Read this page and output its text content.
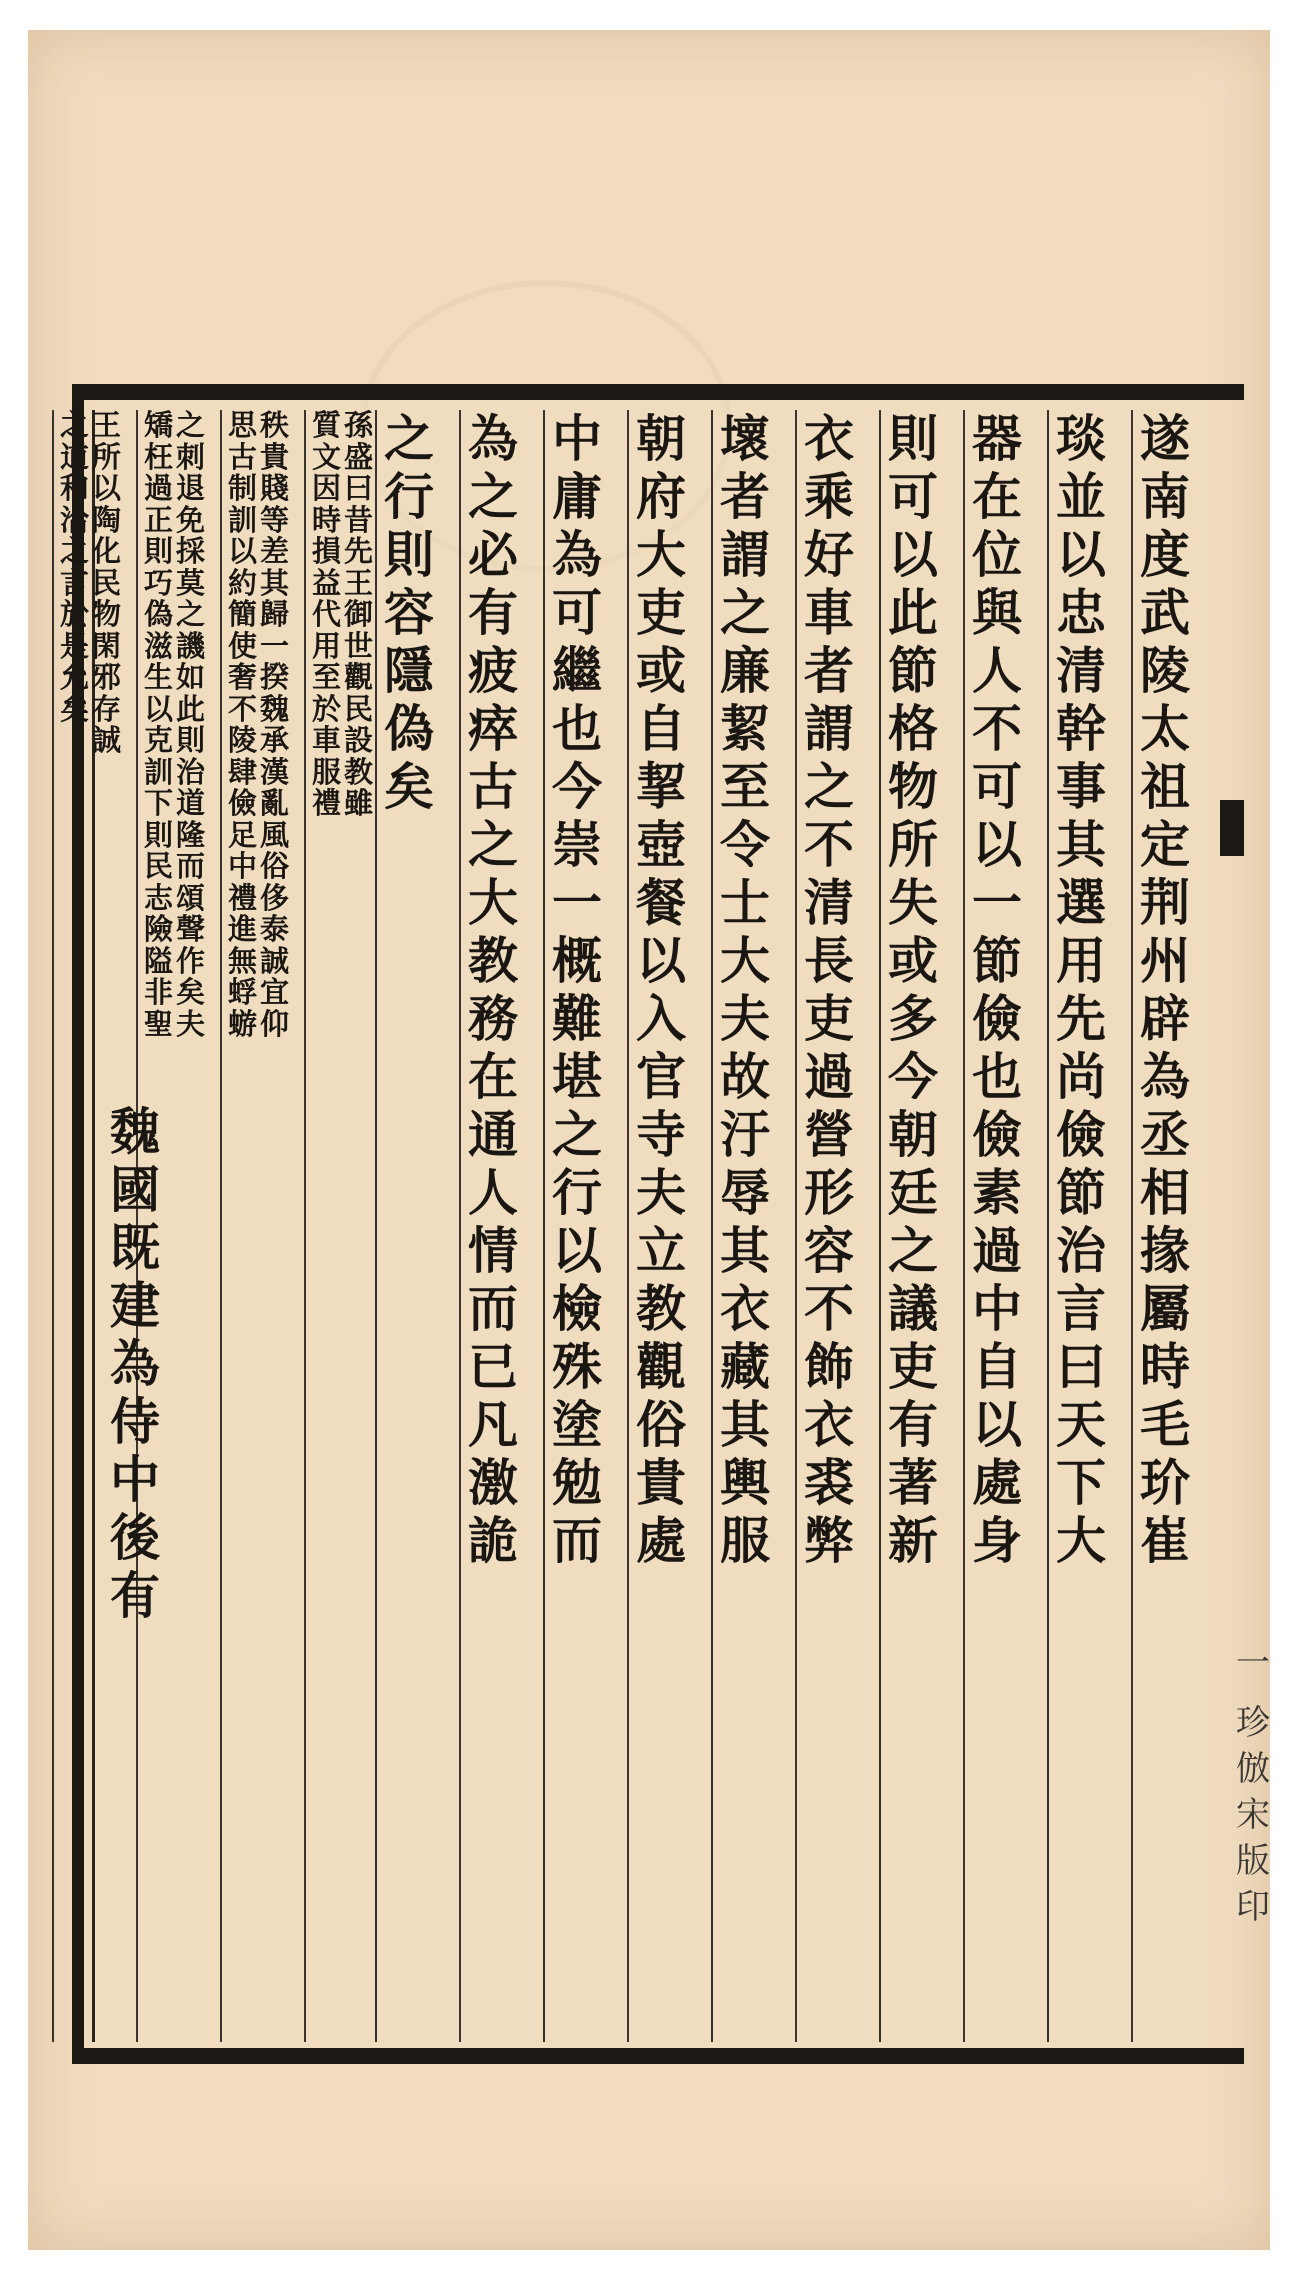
遂
南
度
武
陵
太
祖
定
荆
州
辟
為
丞
相
掾
屬
時
毛
玠
崔
琰
並
以
忠
清
幹
事
其
選
用
先
尚
儉
節
治
言
曰
天
下
大
器
在
位
與
人
不
可
以
一
節
儉
也
儉
素
過
中
自
以
處
身
則
可
以
此
節
格
物
所
失
或
多
今
朝
廷
之
議
吏
有
著
新
衣
乘
好
車
者
謂
之
不
清
長
吏
過
營
形
容
不
飾
衣
裘
弊
壞
者
謂
之
廉
絜
至
令
士
大
夫
故
汙
辱
其
衣
藏
其
輿
服
朝
府
大
吏
或
自
挈
壺
餐
以
入
官
寺
夫
立
教
觀
俗
貴
處
中
庸
為
可
繼
也
今
崇
一
概
難
堪
之
行
以
檢
殊
塗
勉
而
為
之
必
有
疲
瘁
古
之
大
教
務
在
通
人
情
而
已
凡
激
詭
之
行
則
容
隱
偽
矣
孫
盛
曰
昔
先
王
御
世
觀
民
設
教
雖
質
文
因
時
損
益
代
用
至
於
車
服
禮
秩
貴
賤
等
差
其
歸
一
揆
魏
承
漢
亂
風
俗
侈
泰
誠
宜
仰
思
古
制
訓
以
約
簡
使
奢
不
陵
肆
儉
足
中
禮
進
無
蜉
蝣
之
刺
退
免
採
莫
之
譏
如
此
則
治
道
隆
而
頌
聲
作
矣
夫
矯
枉
過
正
則
巧
偽
滋
生
以
克
訓
下
則
民
志
險
隘
非
聖
王
所
以
陶
化
民
物
閑
邪
存
誠
之
道
和
洽
之
言
於
是
允
矣
魏
國
既
建
為
侍
中
後
有
一
珍
倣
宋
版
印
